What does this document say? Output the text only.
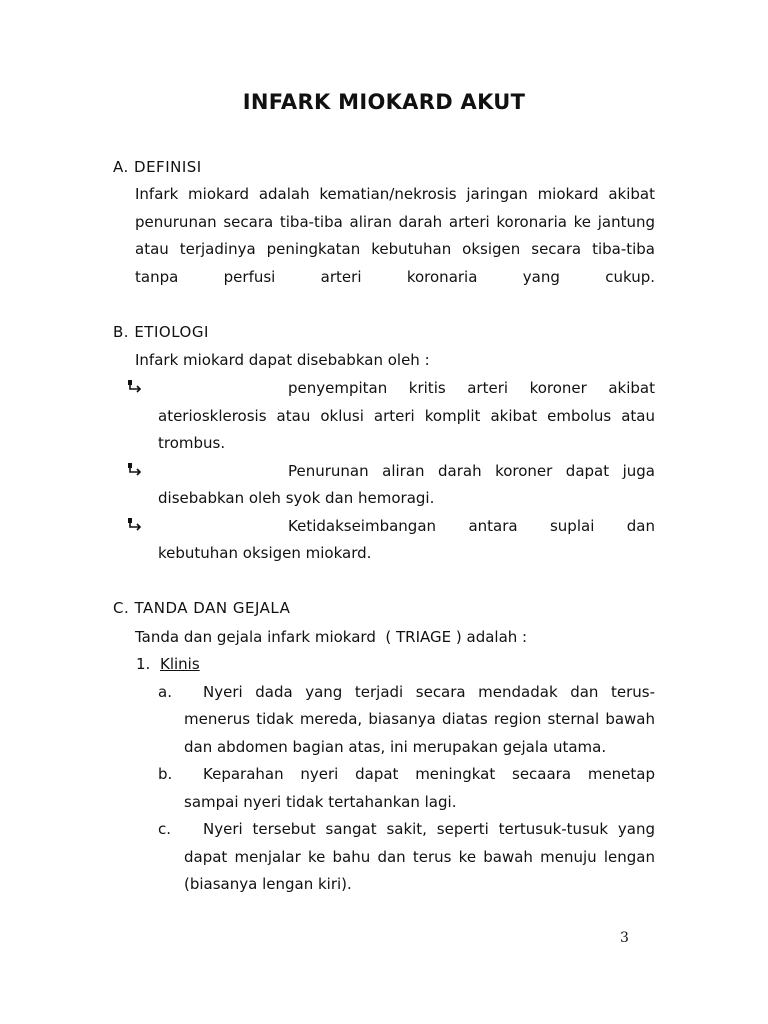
INFARK MIOKARD AKUT
A. DEFINISI
Infark miokard adalah kematian/nekrosis jaringan miokard akibat penurunan secara tiba-tiba aliran darah arteri koronaria ke jantung atau terjadinya peningkatan kebutuhan oksigen secara tiba-tiba tanpa perfusi arteri koronaria yang cukup.
B. ETIOLOGI
Infark miokard dapat disebabkan oleh :
penyempitan kritis arteri koroner akibat
ateriosklerosis atau oklusi arteri komplit akibat embolus atau
trombus.
Penurunan aliran darah koroner dapat juga
disebabkan oleh syok dan hemoragi.
Ketidakseimbangan antara suplai dan
kebutuhan oksigen miokard.
C. TANDA DAN GEJALA
Tanda dan gejala infark miokard  ( TRIAGE ) adalah :
1. Klinis
a. Nyeri dada yang terjadi secara mendadak dan terus-
menerus tidak mereda, biasanya diatas region sternal bawah
dan abdomen bagian atas, ini merupakan gejala utama.
b. Keparahan nyeri dapat meningkat secaara menetap
sampai nyeri tidak tertahankan lagi.
c. Nyeri tersebut sangat sakit, seperti tertusuk-tusuk yang
dapat menjalar ke bahu dan terus ke bawah menuju lengan
(biasanya lengan kiri).
3
